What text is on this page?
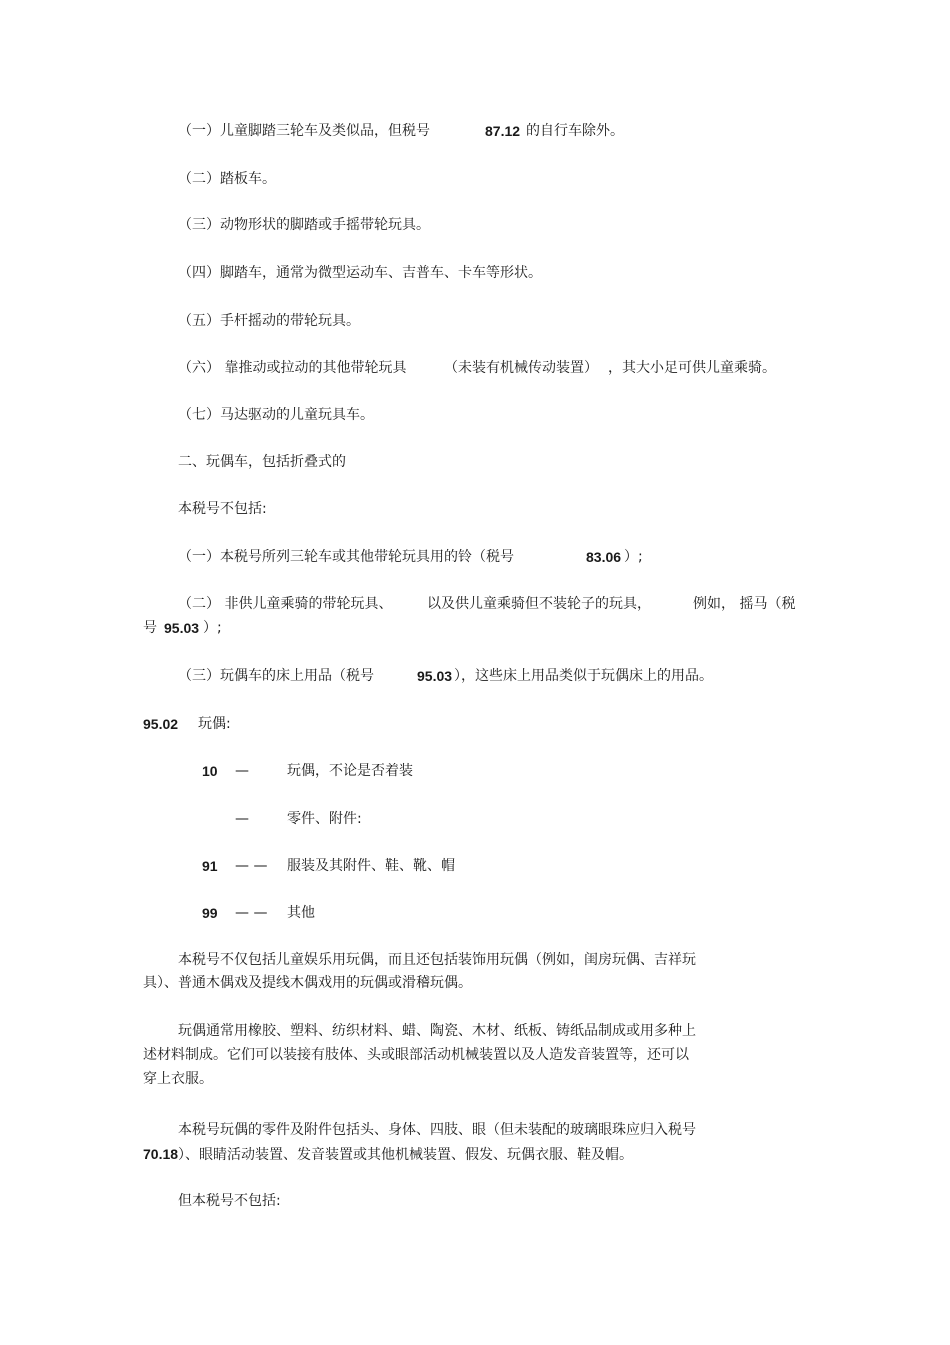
（一）儿童脚踏三轮车及类似品，但税号	87.12 的自行车除外。
（二）踏板车。
（三）动物形状的脚踏或手摇带轮玩具。
（四）脚踏车，通常为微型运动车、吉普车、卡车等形状。
（五）手杆摇动的带轮玩具。
（六） 靠推动或拉动的其他带轮玩具	（未装有机械传动装置） ，其大小足可供儿童乘骑。
（七）马达驱动的儿童玩具车。
二、玩偶车，包括折叠式的
本税号不包括:
（一）本税号所列三轮车或其他带轮玩具用的铃（税号	83.06 ）;
（二） 非供儿童乘骑的带轮玩具、 以及供儿童乘骑但不装轮子的玩具，	例如， 摇马（税
号 95.03 ）;
（三）玩偶车的床上用品（税号	95.03 ），这些床上用品类似于玩偶床上的用品。
95.02 玩偶:
10 —	玩偶，不论是否着装
—	零件、附件:
91 — — 服装及其附件、鞋、靴、帽
99 — — 其他
本税号不仅包括儿童娱乐用玩偶，而且还包括装饰用玩偶（例如，闺房玩偶、吉祥玩
具）、普通木偶戏及提线木偶戏用的玩偶或滑稽玩偶。
玩偶通常用橡胶、塑料、纺织材料、蜡、陶瓷、木材、纸板、铸纸品制成或用多种上
述材料制成。它们可以装接有肢体、头或眼部活动机械装置以及人造发音装置等，还可以
穿上衣服。
本税号玩偶的零件及附件包括头、身体、四肢、眼（但未装配的玻璃眼珠应归入税号
70.18）、眼睛活动装置、发音装置或其他机械装置、假发、玩偶衣服、鞋及帽。
但本税号不包括:
